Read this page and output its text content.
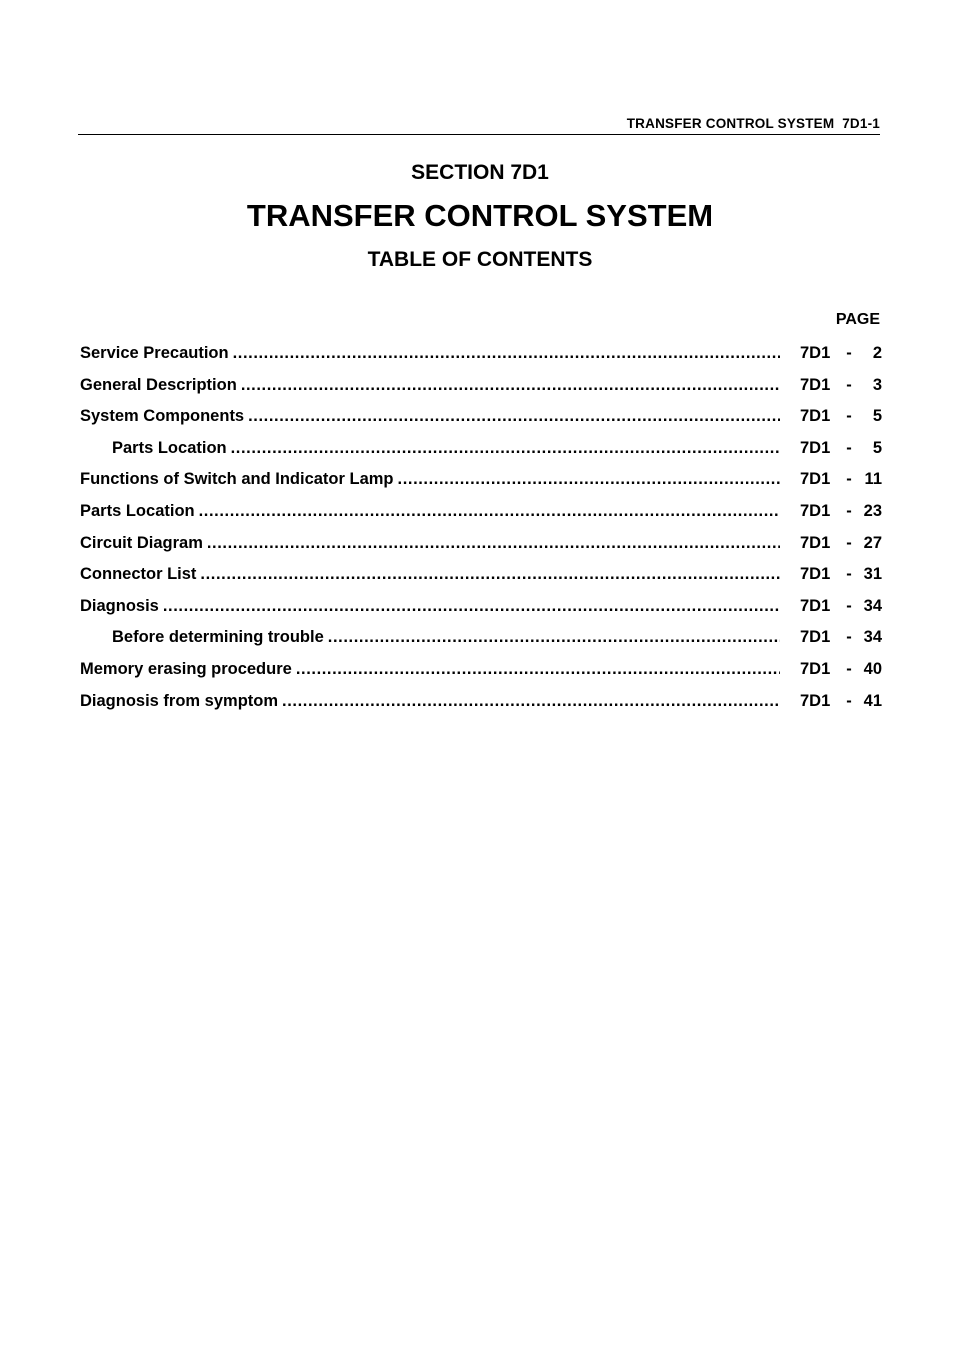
TRANSFER CONTROL SYSTEM  7D1-1
SECTION 7D1
TRANSFER CONTROL SYSTEM
TABLE OF CONTENTS
PAGE
Service Precaution .....	7D1 - 2
General Description .....	7D1 - 3
System Components .....	7D1 - 5
Parts Location .....	7D1 - 5
Functions of Switch and Indicator Lamp .....	7D1 - 11
Parts Location .....	7D1 - 23
Circuit Diagram .....	7D1 - 27
Connector List .....	7D1 - 31
Diagnosis .....	7D1 - 34
Before determining trouble .....	7D1 - 34
Memory erasing procedure .....	7D1 - 40
Diagnosis from symptom .....	7D1 - 41
